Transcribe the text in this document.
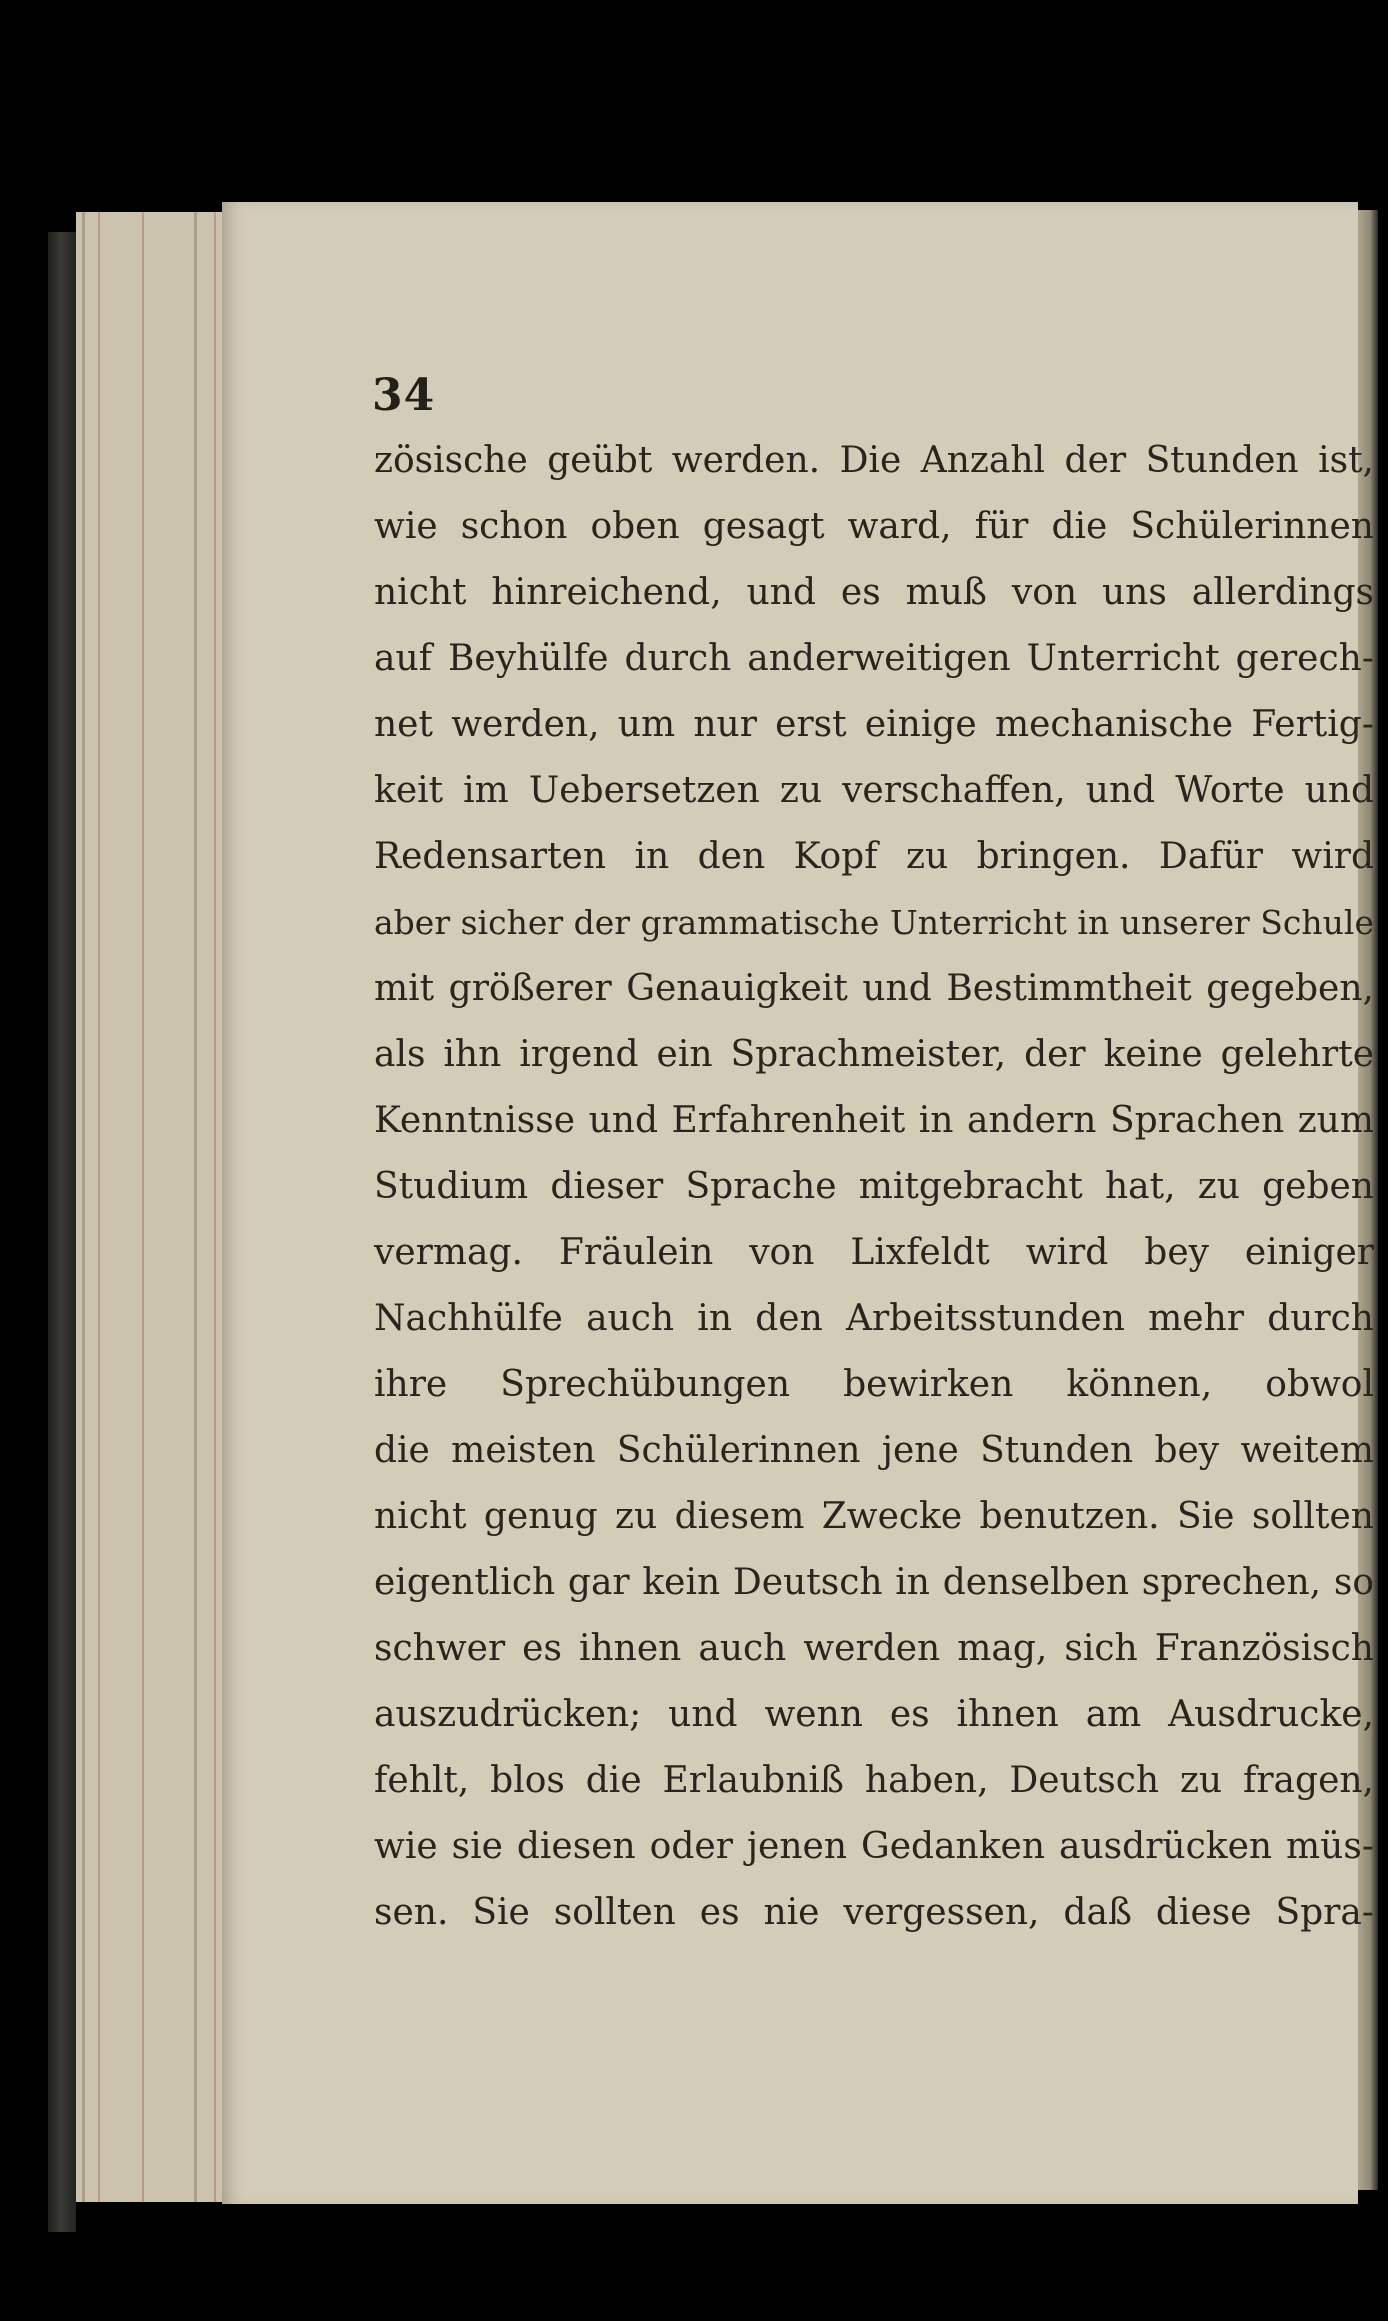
34
zösische geübt werden. Die Anzahl der Stunden ist,
wie schon oben gesagt ward, für die Schülerinnen
nicht hinreichend, und es muß von uns allerdings
auf Beyhülfe durch anderweitigen Unterricht gerech-
net werden, um nur erst einige mechanische Fertig-
keit im Uebersetzen zu verschaffen, und Worte und
Redensarten in den Kopf zu bringen. Dafür wird
aber sicher der grammatische Unterricht in unserer Schule
mit größerer Genauigkeit und Bestimmtheit gegeben,
als ihn irgend ein Sprachmeister, der keine gelehrte
Kenntnisse und Erfahrenheit in andern Sprachen zum
Studium dieser Sprache mitgebracht hat, zu geben
vermag. Fräulein von Lixfeldt wird bey einiger
Nachhülfe auch in den Arbeitsstunden mehr durch
ihre Sprechübungen bewirken können, obwol
die meisten Schülerinnen jene Stunden bey weitem
nicht genug zu diesem Zwecke benutzen. Sie sollten
eigentlich gar kein Deutsch in denselben sprechen, so
schwer es ihnen auch werden mag, sich Französisch
auszudrücken; und wenn es ihnen am Ausdrucke,
fehlt, blos die Erlaubniß haben, Deutsch zu fragen,
wie sie diesen oder jenen Gedanken ausdrücken müs-
sen. Sie sollten es nie vergessen, daß diese Spra-
